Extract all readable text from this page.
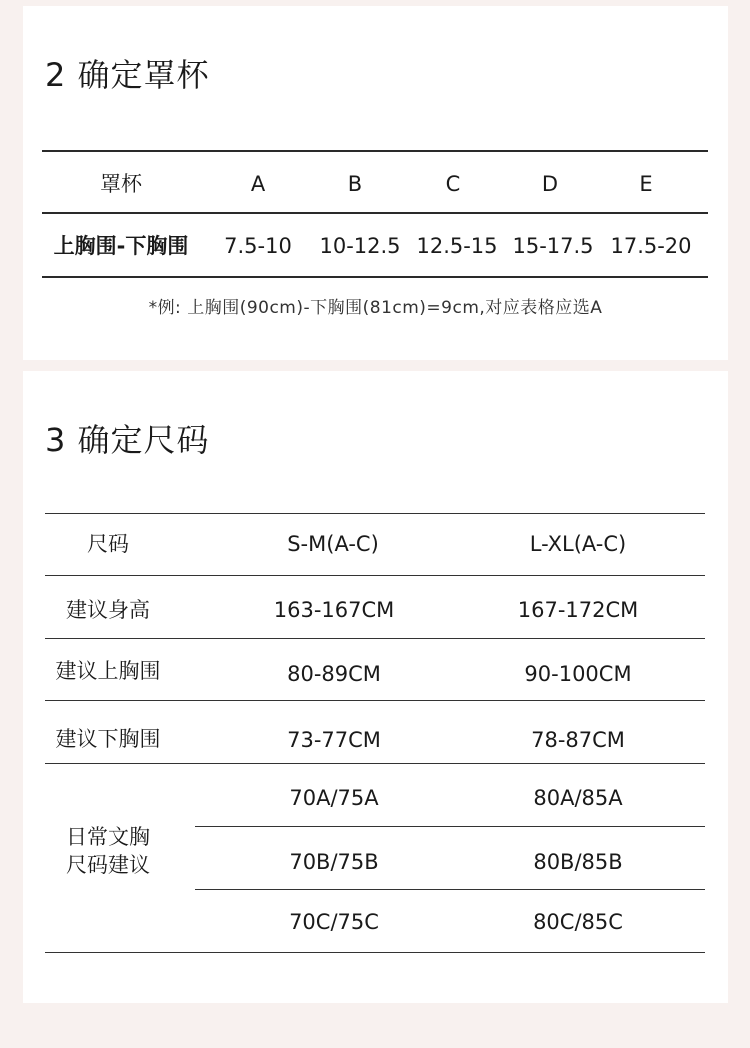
2 确定罩杯
罩杯	A	B	C	D	E
上胸围-下胸围 7.5-10 10-12.5 12.5-15 15-17.5 17.5-20
*例: 上胸围(90cm)-下胸围(81cm)=9cm,对应表格应选A
3 确定尺码
尺码	S-M(A-C)	L-XL(A-C)
建议身高	163-167CM	167-172CM
建议上胸围	80-89CM	90-100CM
建议下胸围	73-77CM	78-87CM
日常文胸
尺码建议
70A/75A	80A/85A
70B/75B	80B/85B
70C/75C	80C/85C
